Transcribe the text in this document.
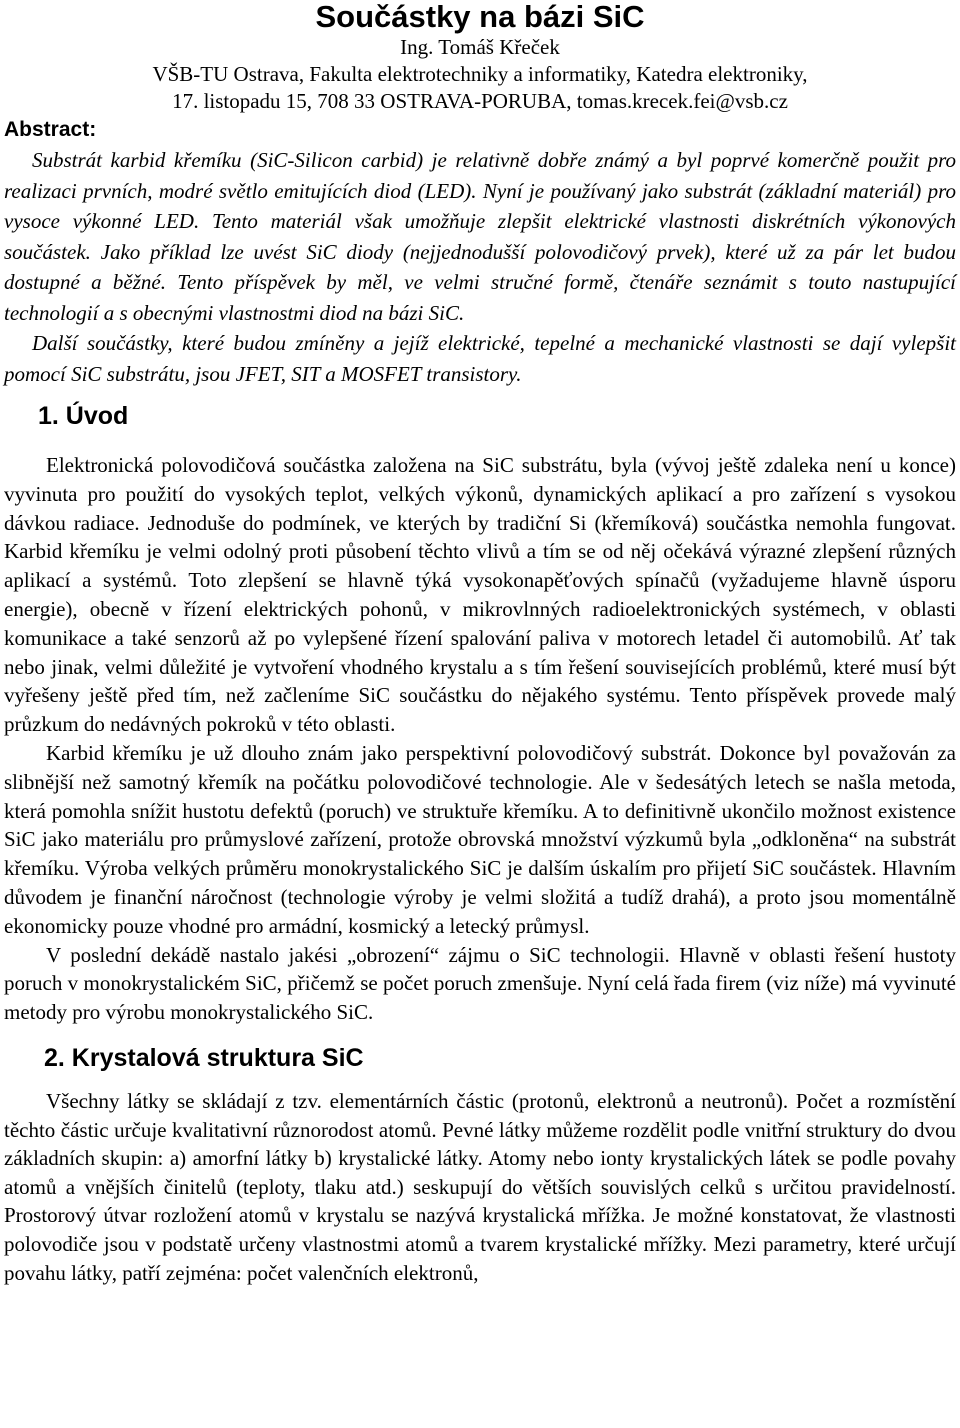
Součástky na bázi SiC

Ing. Tomáš Křeček

VŠB-TU Ostrava, Fakulta elektrotechniky a informatiky, Katedra elektroniky,

17. listopadu 15, 708 33 OSTRAVA-PORUBA, tomas.krecek.fei@vsb.cz

Abstract:

Substrát karbid křemíku (SiC-Silicon carbid) je relativně dobře známý a byl poprvé komerčně použit pro realizaci prvních, modré světlo emitujících diod (LED). Nyní je používaný jako substrát (základní materiál) pro vysoce výkonné LED. Tento materiál však umožňuje zlepšit elektrické vlastnosti diskrétních výkonových součástek. Jako příklad lze uvést SiC diody (nejjednodušší polovodičový prvek), které už za pár let budou dostupné a běžné. Tento příspěvek by měl, ve velmi stručné formě, čtenáře seznámit s touto nastupující technologií a s obecnými vlastnostmi diod na bázi SiC.

Další součástky, které budou zmíněny a jejíž elektrické, tepelné a mechanické vlastnosti se dají vylepšit pomocí SiC substrátu, jsou JFET, SIT a MOSFET transistory.

1. Úvod

Elektronická polovodičová součástka založena na SiC substrátu, byla (vývoj ještě zdaleka není u konce) vyvinuta pro použití do vysokých teplot, velkých výkonů, dynamických aplikací a pro zařízení s vysokou dávkou radiace. Jednoduše do podmínek, ve kterých by tradiční Si (křemíková) součástka nemohla fungovat. Karbid křemíku je velmi odolný proti působení těchto vlivů a tím se od něj očekává výrazné zlepšení různých aplikací a systémů. Toto zlepšení se hlavně týká vysokonapěťových spínačů (vyžadujeme hlavně úsporu energie), obecně v řízení elektrických pohonů, v mikrovlnných radioelektronických systémech, v oblasti komunikace a také senzorů až po vylepšené řízení spalování paliva v motorech letadel či automobilů. Ať tak nebo jinak, velmi důležité je vytvoření vhodného krystalu a s tím řešení souvisejících problémů, které musí být vyřešeny ještě před tím, než začleníme SiC součástku do nějakého systému. Tento příspěvek provede malý průzkum do nedávných pokroků v této oblasti.

Karbid křemíku je už dlouho znám jako perspektivní polovodičový substrát. Dokonce byl považován za slibnější než samotný křemík na počátku polovodičové technologie. Ale v šedesátých letech se našla metoda, která pomohla snížit hustotu defektů (poruch) ve struktuře křemíku. A to definitivně ukončilo možnost existence SiC jako materiálu pro průmyslové zařízení, protože obrovská množství výzkumů byla „odkloněna“ na substrát křemíku. Výroba velkých průměru monokrystalického SiC je dalším úskalím pro přijetí SiC součástek. Hlavním důvodem je finanční náročnost (technologie výroby je velmi složitá a tudíž drahá), a proto jsou momentálně ekonomicky pouze vhodné pro armádní, kosmický a letecký průmysl.

V poslední dekádě nastalo jakési „obrození“ zájmu o SiC technologii. Hlavně v oblasti řešení hustoty poruch v monokrystalickém SiC, přičemž se počet poruch zmenšuje. Nyní celá řada firem (viz níže) má vyvinuté metody pro výrobu monokrystalického SiC.

2. Krystalová struktura SiC

Všechny látky se skládají z tzv. elementárních částic (protonů, elektronů a neutronů). Počet a rozmístění těchto částic určuje kvalitativní různorodost atomů. Pevné látky můžeme rozdělit podle vnitřní struktury do dvou základních skupin: a) amorfní látky b) krystalické látky. Atomy nebo ionty krystalických látek se podle povahy atomů a vnějších činitelů (teploty, tlaku atd.) seskupují do větších souvislých celků s určitou pravidelností. Prostorový útvar rozložení atomů v krystalu se nazývá krystalická mřížka. Je možné konstatovat, že vlastnosti polovodiče jsou v podstatě určeny vlastnostmi atomů a tvarem krystalické mřížky. Mezi parametry, které určují povahu látky, patří zejména: počet valenčních elektronů,
